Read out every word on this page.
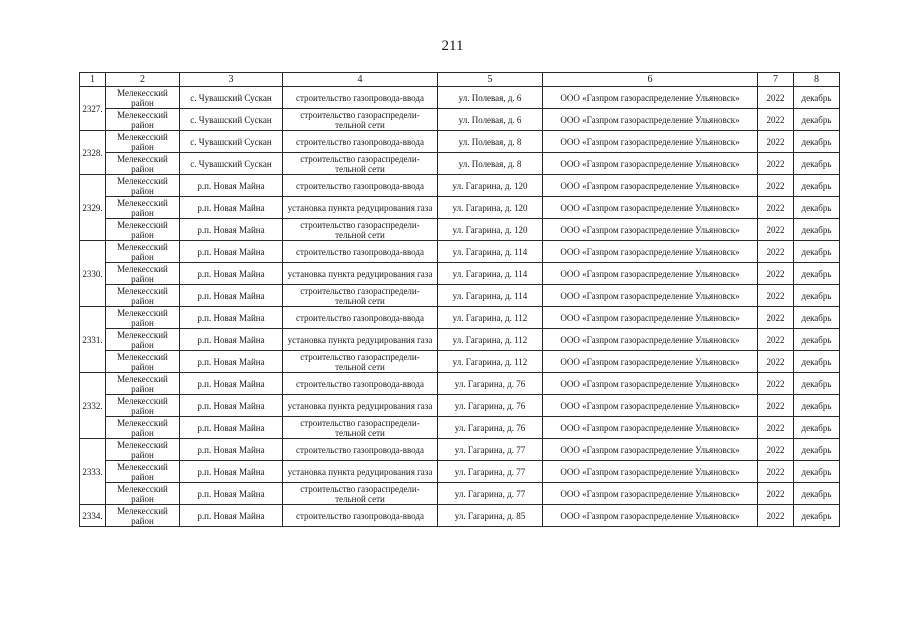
211
1	2	3	4	5	6	7	8
2327.	Мелекесский район	с. Чувашский Сускан	строительство газопровода-ввода	ул. Полевая, д. 6	ООО «Газпром газораспределение Ульяновск»	2022	декабрь
	Мелекесский район	с. Чувашский Сускан	строительство газораспредели-тельной сети	ул. Полевая, д. 6	ООО «Газпром газораспределение Ульяновск»	2022	декабрь
2328.	Мелекесский район	с. Чувашский Сускан	строительство газопровода-ввода	ул. Полевая, д. 8	ООО «Газпром газораспределение Ульяновск»	2022	декабрь
	Мелекесский район	с. Чувашский Сускан	строительство газораспредели-тельной сети	ул. Полевая, д. 8	ООО «Газпром газораспределение Ульяновск»	2022	декабрь
2329.	Мелекесский район	р.п. Новая Майна	строительство газопровода-ввода	ул. Гагарина, д. 120	ООО «Газпром газораспределение Ульяновск»	2022	декабрь
	Мелекесский район	р.п. Новая Майна	установка пункта редуцирования газа	ул. Гагарина, д. 120	ООО «Газпром газораспределение Ульяновск»	2022	декабрь
	Мелекесский район	р.п. Новая Майна	строительство газораспредели-тельной сети	ул. Гагарина, д. 120	ООО «Газпром газораспределение Ульяновск»	2022	декабрь
2330.	Мелекесский район	р.п. Новая Майна	строительство газопровода-ввода	ул. Гагарина, д. 114	ООО «Газпром газораспределение Ульяновск»	2022	декабрь
	Мелекесский район	р.п. Новая Майна	установка пункта редуцирования газа	ул. Гагарина, д. 114	ООО «Газпром газораспределение Ульяновск»	2022	декабрь
	Мелекесский район	р.п. Новая Майна	строительство газораспредели-тельной сети	ул. Гагарина, д. 114	ООО «Газпром газораспределение Ульяновск»	2022	декабрь
2331.	Мелекесский район	р.п. Новая Майна	строительство газопровода-ввода	ул. Гагарина, д. 112	ООО «Газпром газораспределение Ульяновск»	2022	декабрь
	Мелекесский район	р.п. Новая Майна	установка пункта редуцирования газа	ул. Гагарина, д. 112	ООО «Газпром газораспределение Ульяновск»	2022	декабрь
	Мелекесский район	р.п. Новая Майна	строительство газораспредели-тельной сети	ул. Гагарина, д. 112	ООО «Газпром газораспределение Ульяновск»	2022	декабрь
2332.	Мелекесский район	р.п. Новая Майна	строительство газопровода-ввода	ул. Гагарина, д. 76	ООО «Газпром газораспределение Ульяновск»	2022	декабрь
	Мелекесский район	р.п. Новая Майна	установка пункта редуцирования газа	ул. Гагарина, д. 76	ООО «Газпром газораспределение Ульяновск»	2022	декабрь
	Мелекесский район	р.п. Новая Майна	строительство газораспредели-тельной сети	ул. Гагарина, д. 76	ООО «Газпром газораспределение Ульяновск»	2022	декабрь
2333.	Мелекесский район	р.п. Новая Майна	строительство газопровода-ввода	ул. Гагарина, д. 77	ООО «Газпром газораспределение Ульяновск»	2022	декабрь
	Мелекесский район	р.п. Новая Майна	установка пункта редуцирования газа	ул. Гагарина, д. 77	ООО «Газпром газораспределение Ульяновск»	2022	декабрь
	Мелекесский район	р.п. Новая Майна	строительство газораспредели-тельной сети	ул. Гагарина, д. 77	ООО «Газпром газораспределение Ульяновск»	2022	декабрь
2334.	Мелекесский район	р.п. Новая Майна	строительство газопровода-ввода	ул. Гагарина, д. 85	ООО «Газпром газораспределение Ульяновск»	2022	декабрь
